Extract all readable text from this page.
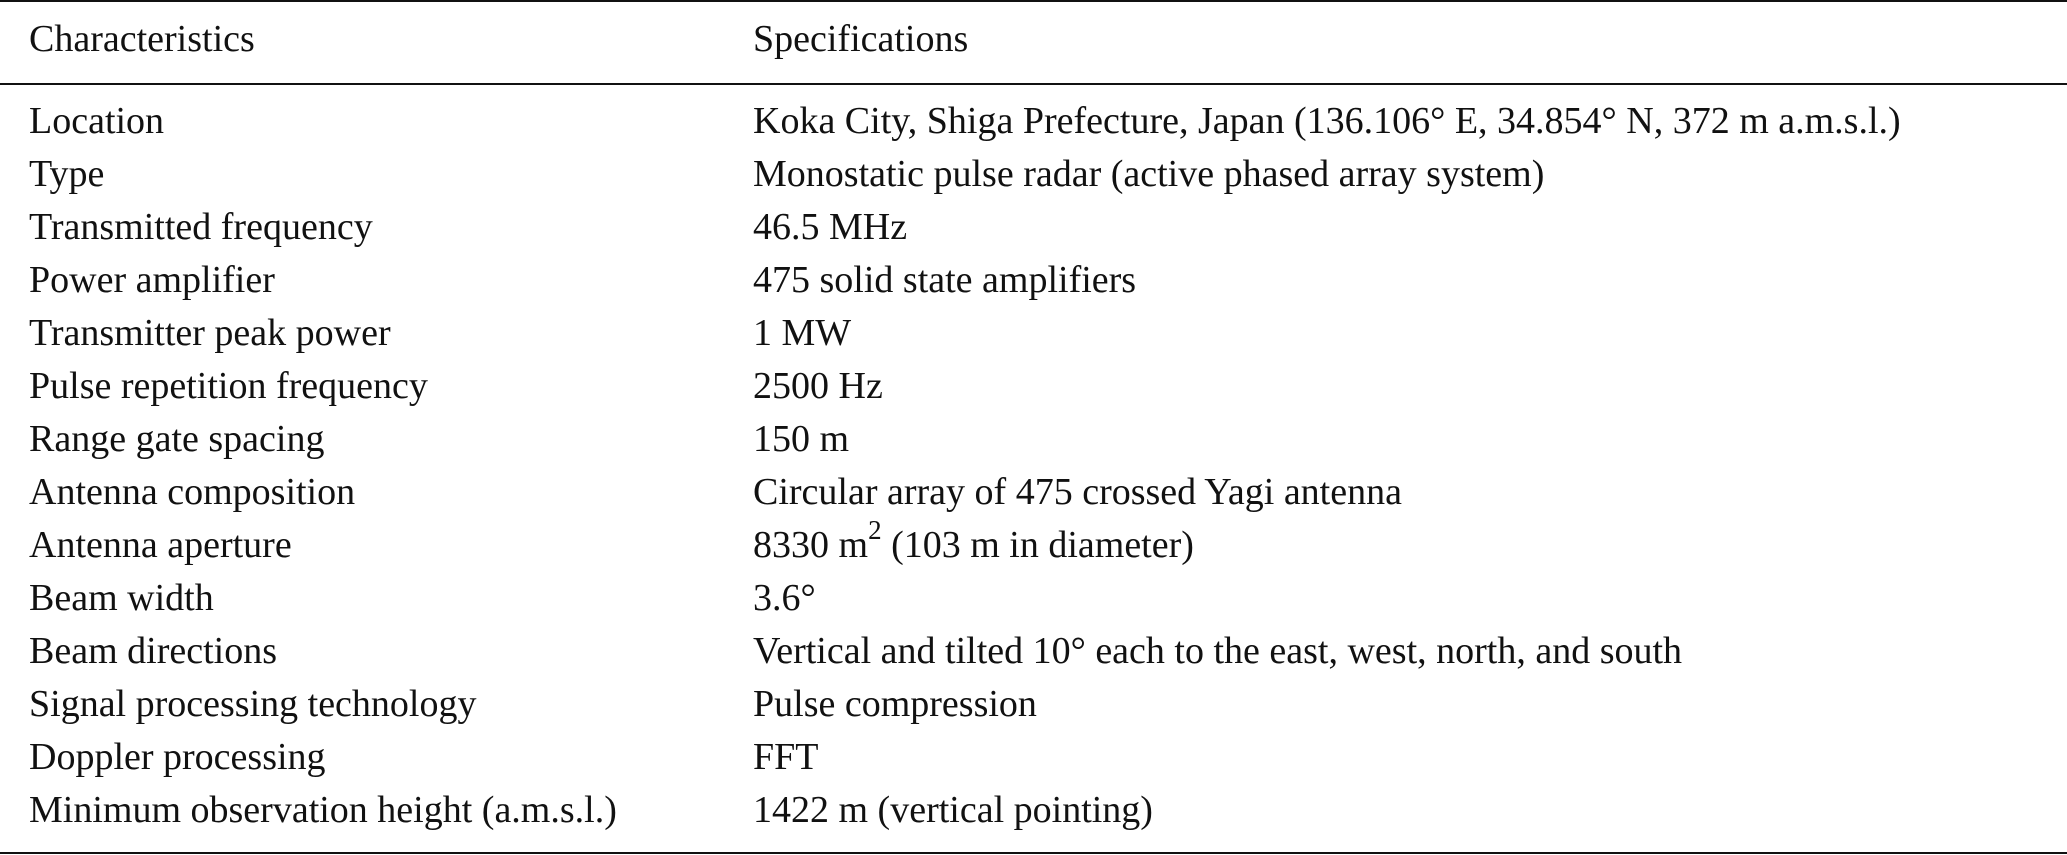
Characteristics	Specifications
Location	Koka City, Shiga Prefecture, Japan (136.106° E, 34.854° N, 372 m a.m.s.l.)
Type	Monostatic pulse radar (active phased array system)
Transmitted frequency	46.5 MHz
Power amplifier	475 solid state amplifiers
Transmitter peak power	1 MW
Pulse repetition frequency	2500 Hz
Range gate spacing	150 m
Antenna composition	Circular array of 475 crossed Yagi antenna
Antenna aperture	8330 $m^2$ (103 m in diameter)
Beam width	3.6°
Beam directions	Vertical and tilted 10° each to the east, west, north, and south
Signal processing technology	Pulse compression
Doppler processing	FFT
Minimum observation height (a.m.s.l.)	1422 m (vertical pointing)
